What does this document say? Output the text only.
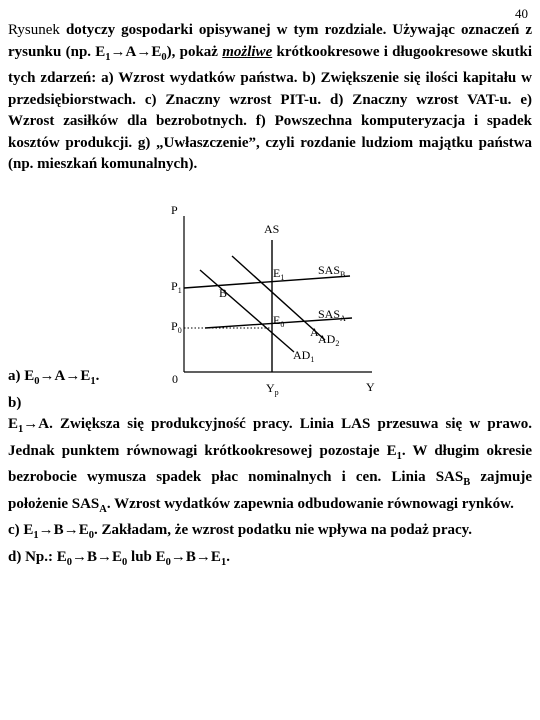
40
Rysunek dotyczy gospodarki opisywanej w tym rozdziale. Używając oznaczeń z rysunku (np. $E_1\to A\to E_0$), pokaż możliwe krótkookresowe i długookresowe skutki tych zdarzeń: a) Wzrost wydatków państwa. b) Zwiększenie się ilości kapitału w przedsiębiorstwach. c) Znaczny wzrost PIT-u. d) Znaczny wzrost VAT-u. e) Wzrost zasiłków dla bezrobotnych. f) Powszechna komputeryzacja i spadek kosztów produkcji. g) „Uwłaszczenie”, czyli rozdanie ludziom majątku państwa (np. mieszkań komunalnych).
P
AS
$E_1$
$SAS_B$
$P_1$	B
$SAS_A$
$E_0$
$P_0$	A $AD_2$
$AD_1$
0
$Y_p$	Y

a) $E_0\to A\to E_1$.

b)

$E_1\to A$. Zwiększa się produkcyjność pracy. Linia LAS przesuwa się w prawo. Jednak punktem równowagi krótkookresowej pozostaje $E_1$. W długim okresie bezrobocie wymusza spadek płac nominalnych i cen. Linia $SAS_B$ zajmuje położenie $SAS_A$. Wzrost wydatków zapewnia odbudowanie równowagi rynków.

c) $E_1\to B\to E_0$. Zakładam, że wzrost podatku nie wpływa na podaż pracy.

d) Np.: $E_0\to B\to E_0$ lub $E_0\to B\to E_1$.
